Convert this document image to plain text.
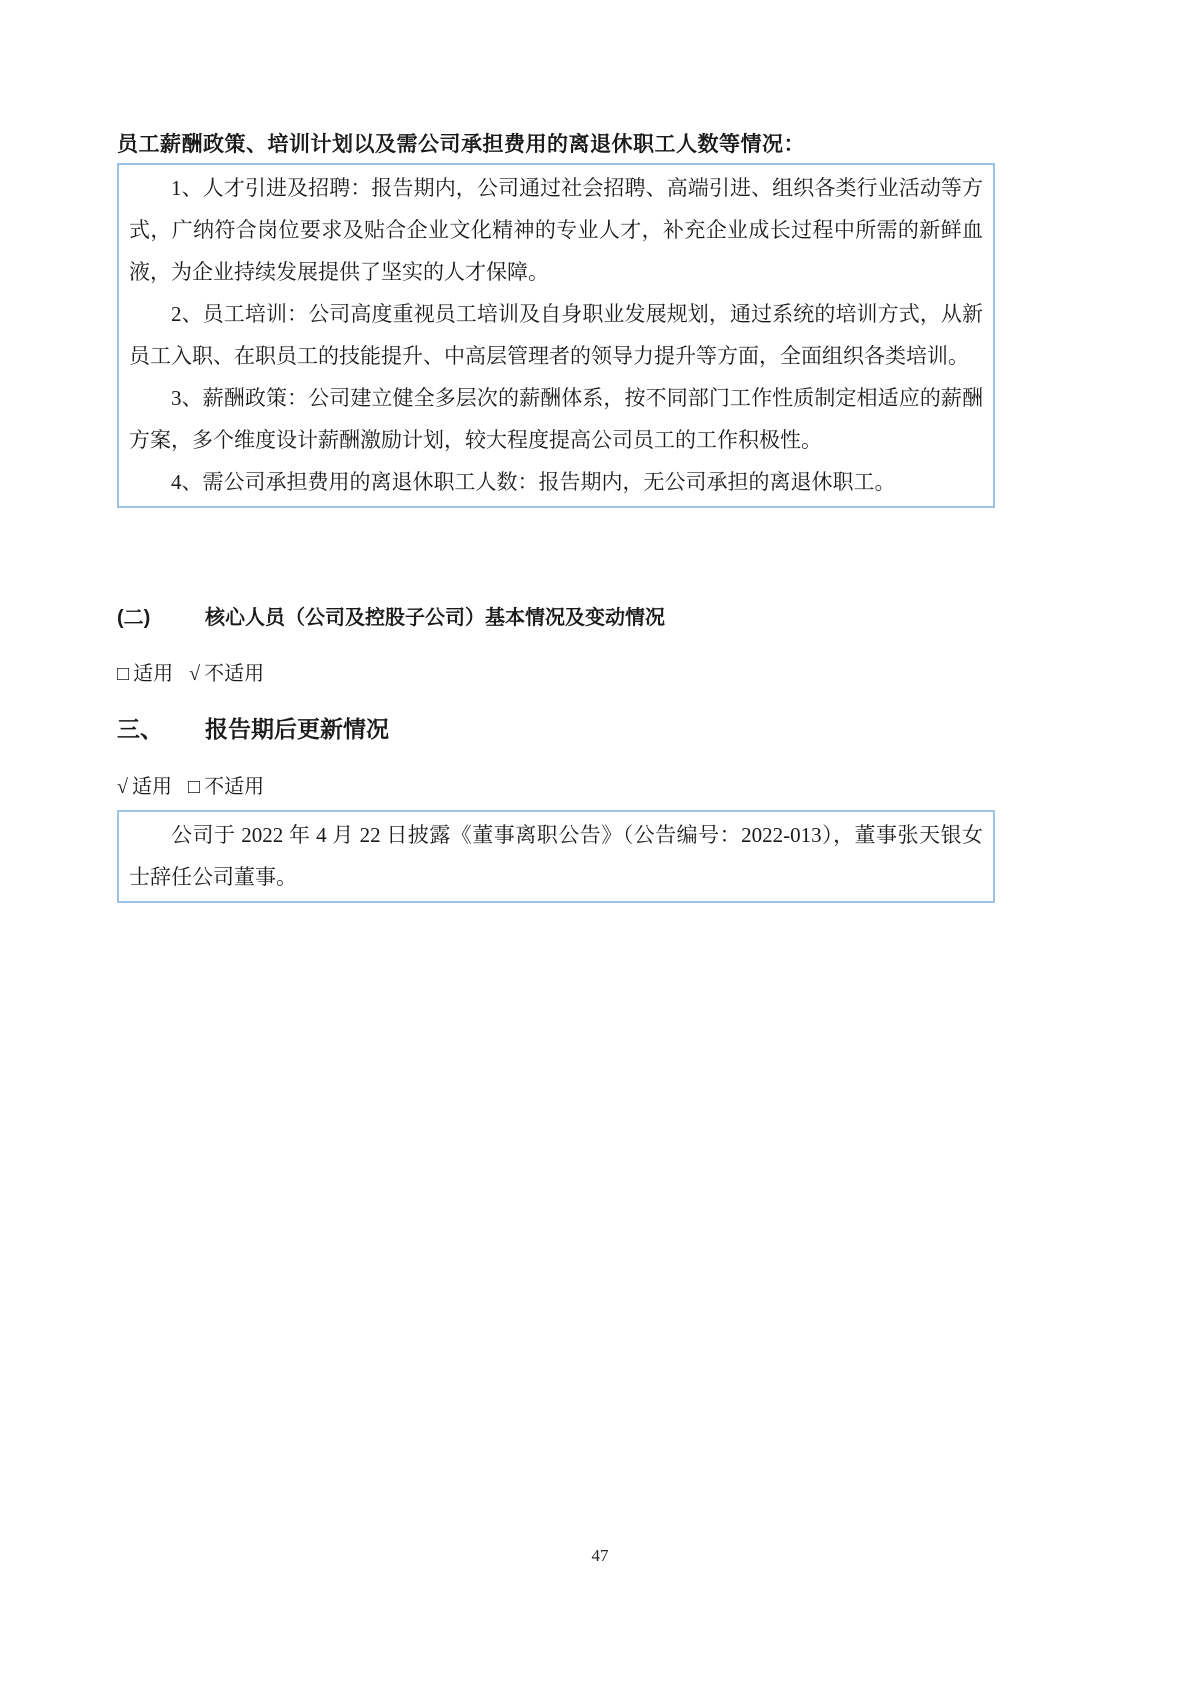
员工薪酬政策、培训计划以及需公司承担费用的离退休职工人数等情况：

1、人才引进及招聘：报告期内，公司通过社会招聘、高端引进、组织各类行业活动等方式，广纳符合岗位要求及贴合企业文化精神的专业人才，补充企业成长过程中所需的新鲜血液，为企业持续发展提供了坚实的人才保障。

2、员工培训：公司高度重视员工培训及自身职业发展规划，通过系统的培训方式，从新员工入职、在职员工的技能提升、中高层管理者的领导力提升等方面，全面组织各类培训。

3、薪酬政策：公司建立健全多层次的薪酬体系，按不同部门工作性质制定相适应的薪酬方案，多个维度设计薪酬激励计划，较大程度提高公司员工的工作积极性。

4、需公司承担费用的离退休职工人数：报告期内，无公司承担的离退休职工。

(二)	核心人员（公司及控股子公司）基本情况及变动情况
□ 适用 √ 不适用
三、	报告期后更新情况
√ 适用 □ 不适用

公司于 2022 年 4 月 22 日披露《董事离职公告》（公告编号：2022-013），董事张天银女士辞任公司董事。

47
